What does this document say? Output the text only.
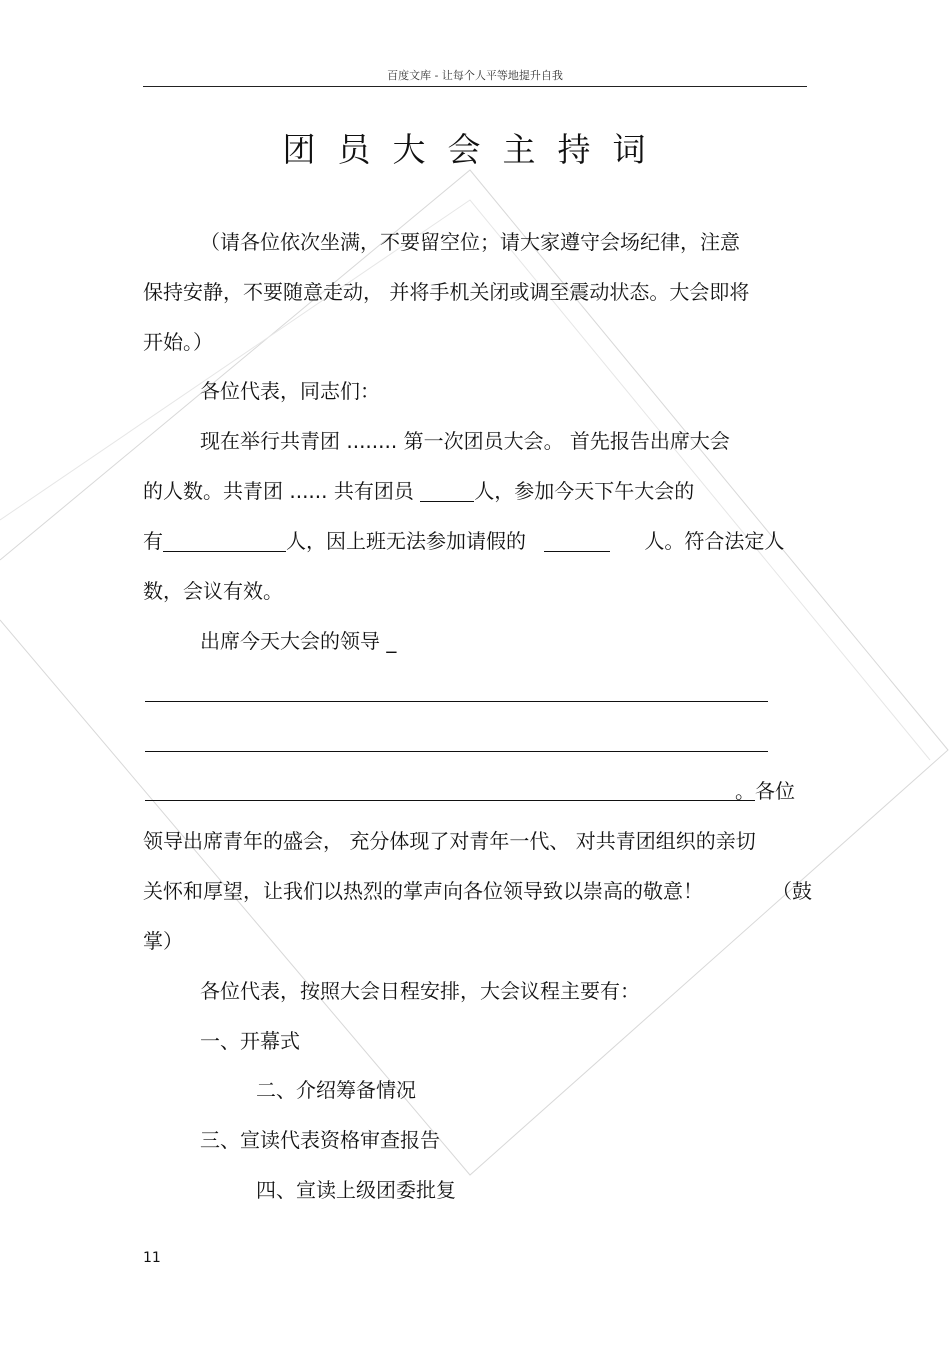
百度文库 - 让每个人平等地提升自我
团员大会主持词
（请各位依次坐满，不要留空位；请大家遵守会场纪律，注意
保持安静，不要随意走动， 并将手机关闭或调至震动状态。大会即将
开始。）
各位代表，同志们：
现在举行共青团 ........ 第一次团员大会。 首先报告出席大会
的人数。共青团 ...... 共有团员	人，参加今天下午大会的
有	人，因上班无法参加请假的	人。符合法定人
数，会议有效。
出席今天大会的领导 _
。各位
领导出席青年的盛会， 充分体现了对青年一代、 对共青团组织的亲切
关怀和厚望，让我们以热烈的掌声向各位领导致以崇高的敬意！	（鼓
掌）
各位代表，按照大会日程安排，大会议程主要有：
一、开幕式
二、介绍筹备情况
三、宣读代表资格审查报告
四、宣读上级团委批复
11
